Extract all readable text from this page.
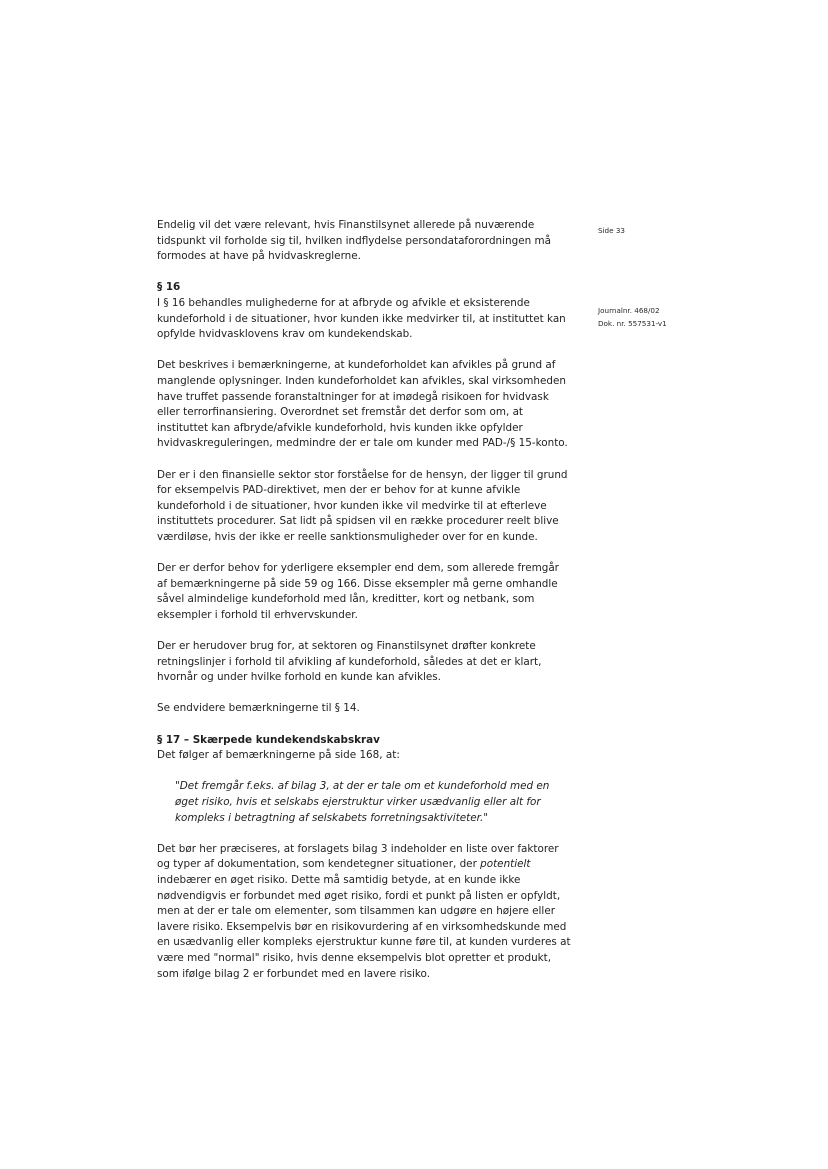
Side 33
Journalnr. 468/02
Dok. nr. 557531-v1

Endelig vil det være relevant, hvis Finanstilsynet allerede på nuværende tidspunkt vil forholde sig til, hvilken indflydelse persondataforordningen må formodes at have på hvidvaskreglerne.

§ 16

I § 16 behandles mulighederne for at afbryde og afvikle et eksisterende kundeforhold i de situationer, hvor kunden ikke medvirker til, at instituttet kan opfylde hvidvasklovens krav om kundekendskab.

Det beskrives i bemærkningerne, at kundeforholdet kan afvikles på grund af manglende oplysninger. Inden kundeforholdet kan afvikles, skal virksomheden have truffet passende foranstaltninger for at imødegå risikoen for hvidvask eller terrorfinansiering. Overordnet set fremstår det derfor som om, at instituttet kan afbryde/afvikle kundeforhold, hvis kunden ikke opfylder hvidvaskreguleringen, medmindre der er tale om kunder med PAD-/§ 15-konto.

Der er i den finansielle sektor stor forståelse for de hensyn, der ligger til grund for eksempelvis PAD-direktivet, men der er behov for at kunne afvikle kundeforhold i de situationer, hvor kunden ikke vil medvirke til at efterleve instituttets procedurer. Sat lidt på spidsen vil en række procedurer reelt blive værdiløse, hvis der ikke er reelle sanktionsmuligheder over for en kunde.

Der er derfor behov for yderligere eksempler end dem, som allerede fremgår af bemærkningerne på side 59 og 166. Disse eksempler må gerne omhandle såvel almindelige kundeforhold med lån, kreditter, kort og netbank, som eksempler i forhold til erhvervskunder.

Der er herudover brug for, at sektoren og Finanstilsynet drøfter konkrete retningslinjer i forhold til afvikling af kundeforhold, således at det er klart, hvornår og under hvilke forhold en kunde kan afvikles.

Se endvidere bemærkningerne til § 14.

§ 17 – Skærpede kundekendskabskrav

Det følger af bemærkningerne på side 168, at:

"Det fremgår f.eks. af bilag 3, at der er tale om et kundeforhold med en øget risiko, hvis et selskabs ejerstruktur virker usædvanlig eller alt for kompleks i betragtning af selskabets forretningsaktiviteter."

Det bør her præciseres, at forslagets bilag 3 indeholder en liste over faktorer og typer af dokumentation, som kendetegner situationer, der potentielt indebærer en øget risiko. Dette må samtidig betyde, at en kunde ikke nødvendigvis er forbundet med øget risiko, fordi et punkt på listen er opfyldt, men at der er tale om elementer, som tilsammen kan udgøre en højere eller lavere risiko. Eksempelvis bør en risikovurdering af en virksomhedskunde med en usædvanlig eller kompleks ejerstruktur kunne føre til, at kunden vurderes at være med "normal" risiko, hvis denne eksempelvis blot opretter et produkt, som ifølge bilag 2 er forbundet med en lavere risiko.
